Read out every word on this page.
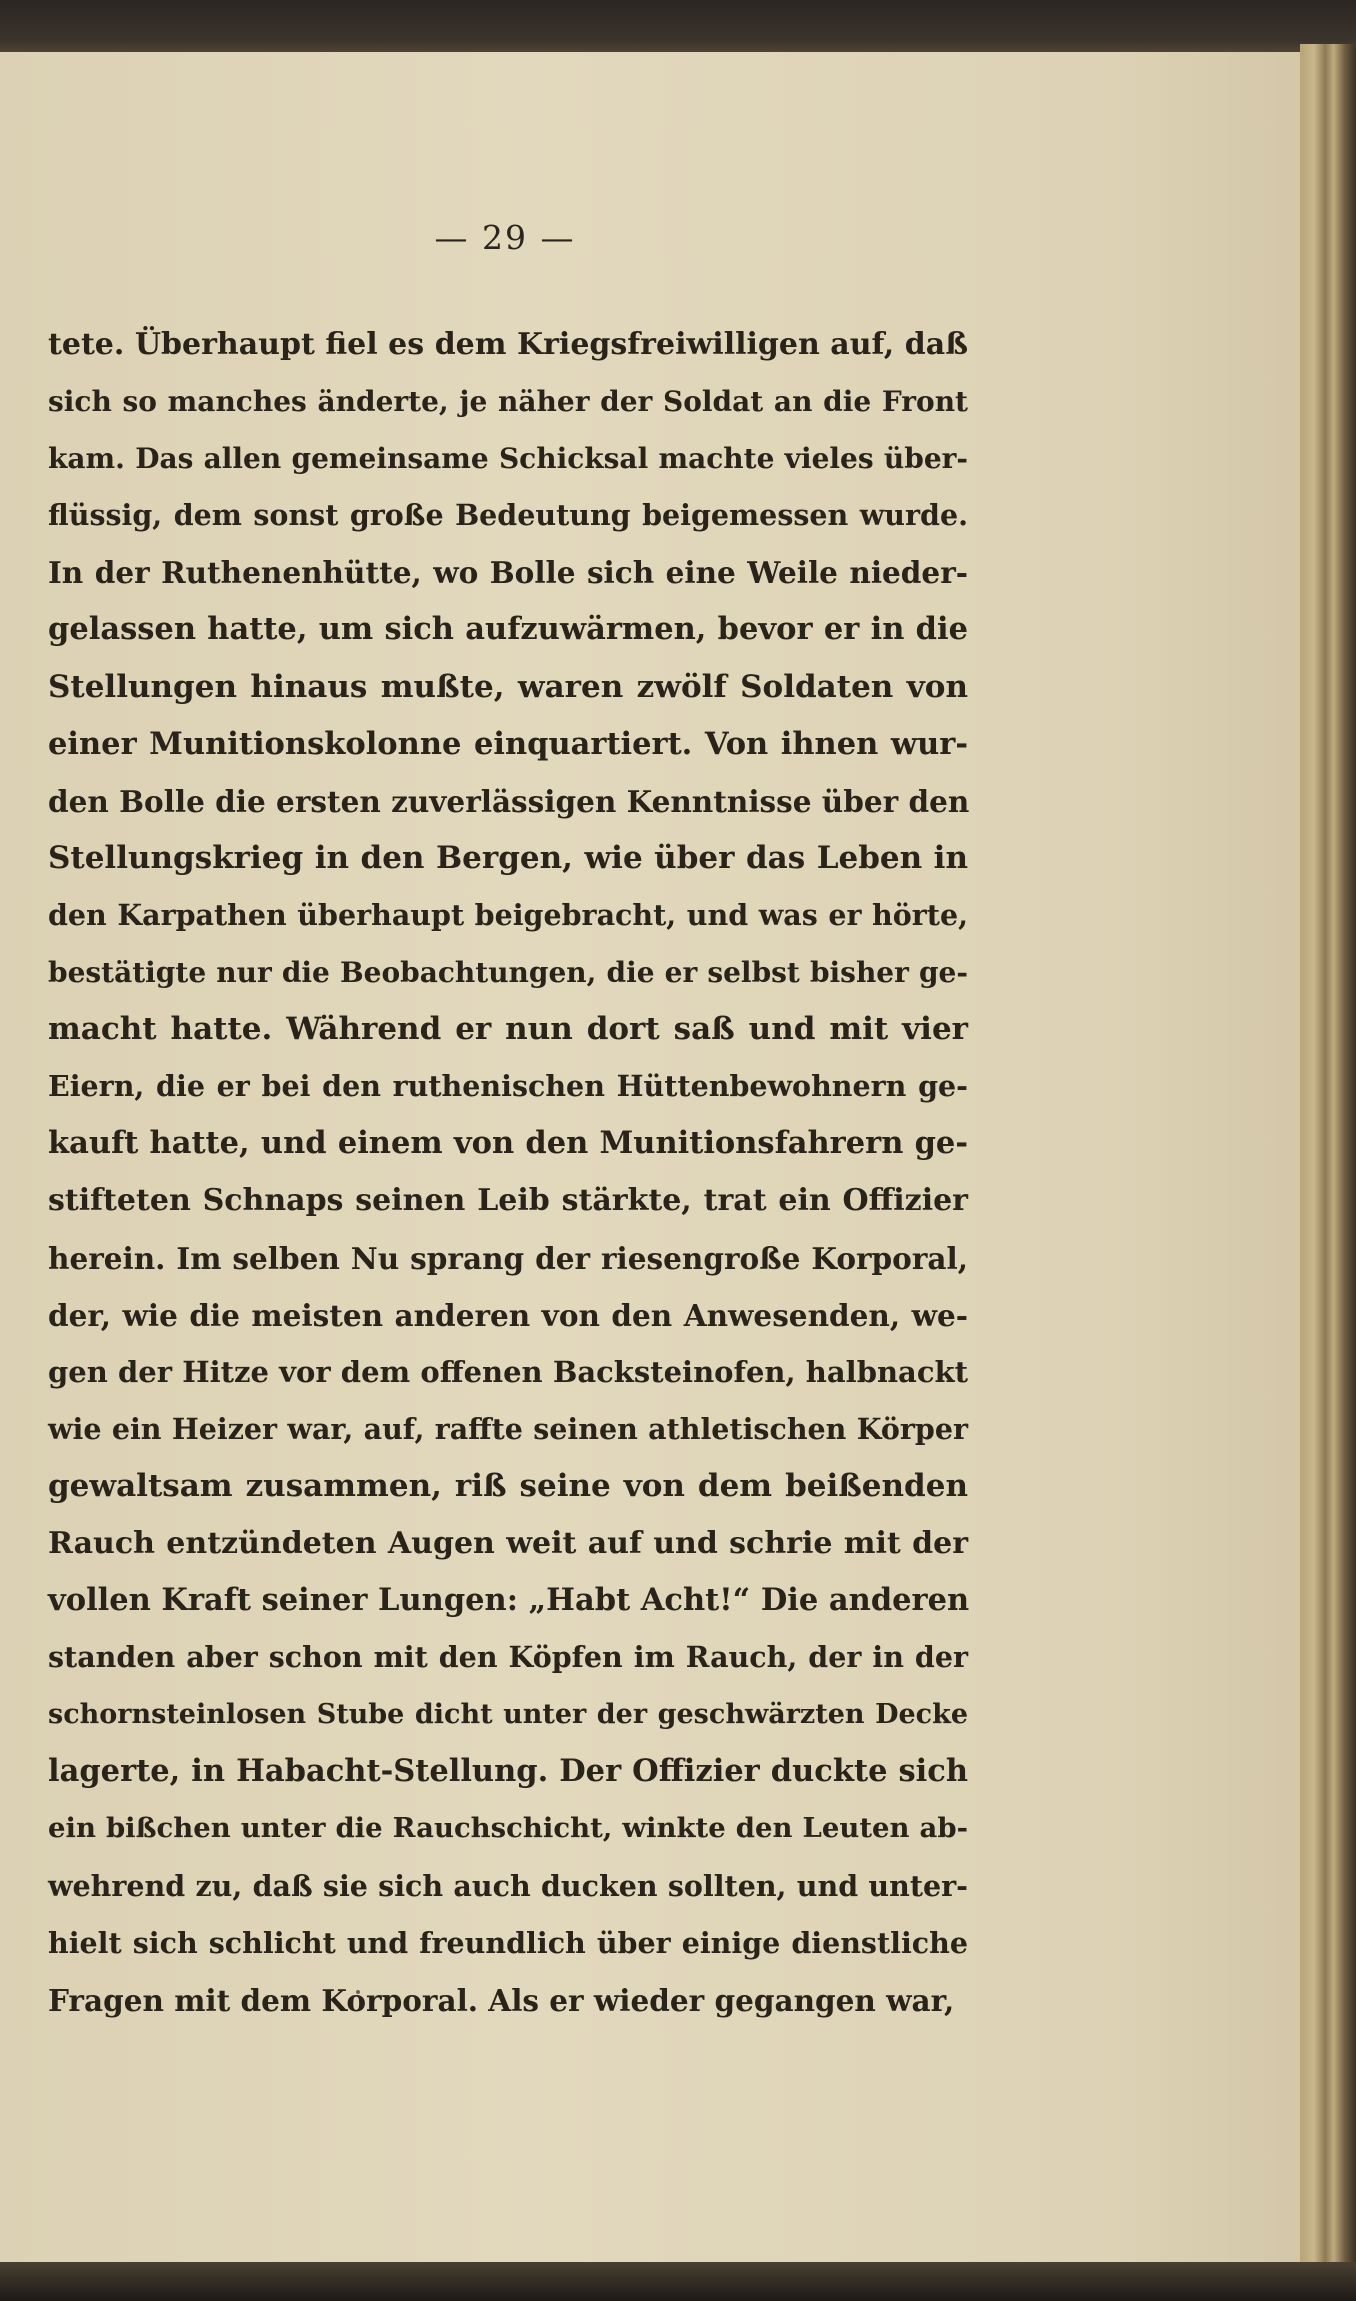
— 29 —
tete. Überhaupt fiel es dem Kriegsfreiwilligen auf, daß
sich so manches änderte, je näher der Soldat an die Front
kam. Das allen gemeinsame Schicksal machte vieles über-
flüssig, dem sonst große Bedeutung beigemessen wurde.
In der Ruthenenhütte, wo Bolle sich eine Weile nieder-
gelassen hatte, um sich aufzuwärmen, bevor er in die
Stellungen hinaus mußte, waren zwölf Soldaten von
einer Munitionskolonne einquartiert. Von ihnen wur-
den Bolle die ersten zuverlässigen Kenntnisse über den
Stellungskrieg in den Bergen, wie über das Leben in
den Karpathen überhaupt beigebracht, und was er hörte,
bestätigte nur die Beobachtungen, die er selbst bisher ge-
macht hatte. Während er nun dort saß und mit vier
Eiern, die er bei den ruthenischen Hüttenbewohnern ge-
kauft hatte, und einem von den Munitionsfahrern ge-
stifteten Schnaps seinen Leib stärkte, trat ein Offizier
herein. Im selben Nu sprang der riesengroße Korporal,
der, wie die meisten anderen von den Anwesenden, we-
gen der Hitze vor dem offenen Backsteinofen, halbnackt
wie ein Heizer war, auf, raffte seinen athletischen Körper
gewaltsam zusammen, riß seine von dem beißenden
Rauch entzündeten Augen weit auf und schrie mit der
vollen Kraft seiner Lungen: „Habt Acht!“ Die anderen
standen aber schon mit den Köpfen im Rauch, der in der
schornsteinlosen Stube dicht unter der geschwärzten Decke
lagerte, in Habacht-Stellung. Der Offizier duckte sich
ein bißchen unter die Rauchschicht, winkte den Leuten ab-
wehrend zu, daß sie sich auch ducken sollten, und unter-
hielt sich schlicht und freundlich über einige dienstliche
Fragen mit dem Korporal. Als er wieder gegangen war,
